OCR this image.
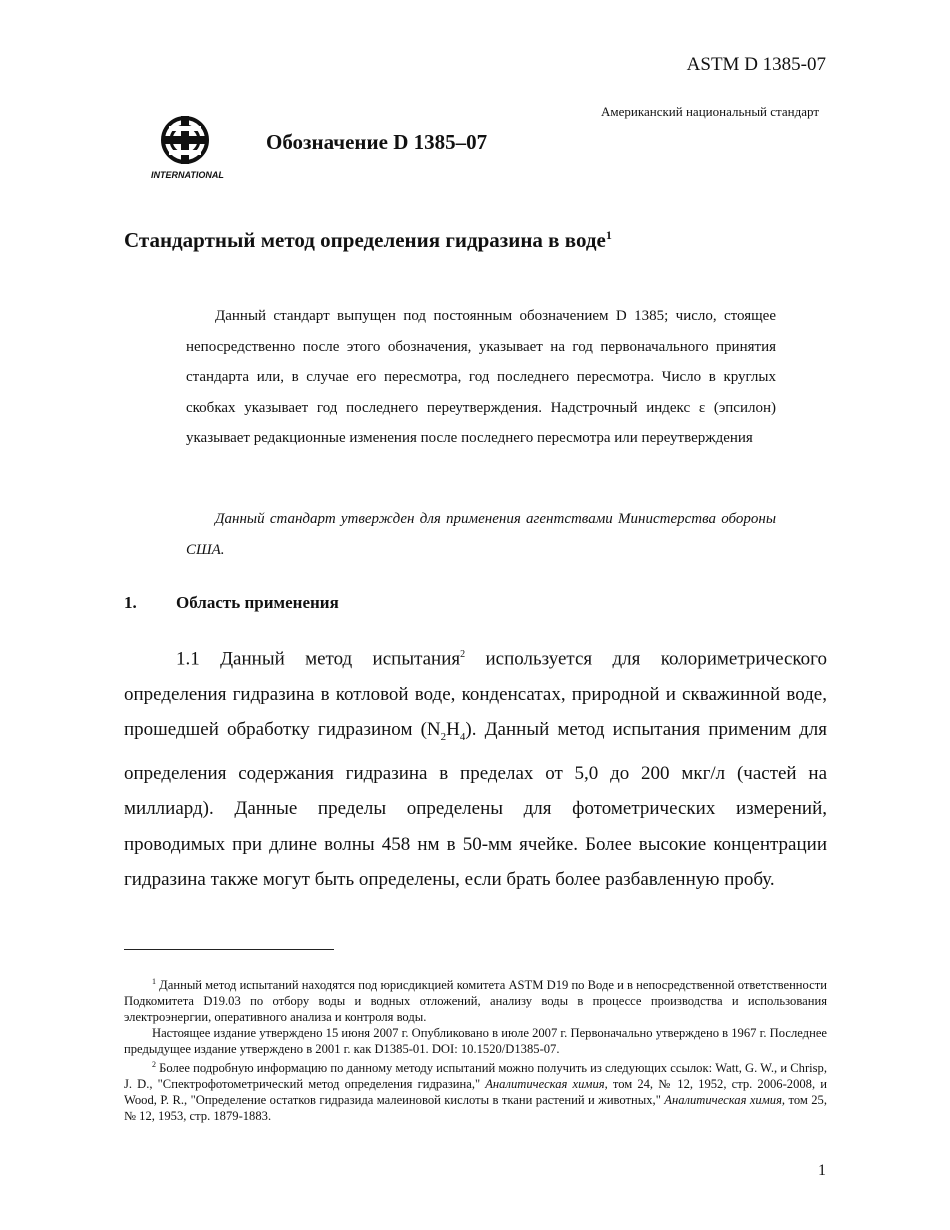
ASTM D 1385-07
Американский национальный стандарт
INTERNATIONAL
Обозначение D 1385–07
Стандартный метод определения гидразина в воде$^1$

Данный стандарт выпущен под постоянным обозначением D 1385; число, стоящее непосредственно после этого обозначения, указывает на год первоначального принятия стандарта или, в случае его пересмотра, год последнего пересмотра. Число в круглых скобках указывает год последнего переутверждения. Надстрочный индекс ε (эпсилон) указывает редакционные изменения после последнего пересмотра или переутверждения

Данный стандарт утвержден для применения агентствами Министерства обороны США.

1. Область применения

1.1 Данный метод испытания$^2$ используется для колориметрического определения гидразина в котловой воде, конденсатах, природной и скважинной воде, прошедшей обработку гидразином $(N_2H_4)$. Данный метод испытания применим для определения содержания гидразина в пределах от 5,0 до 200 мкг/л (частей на миллиард). Данные пределы определены для фотометрических измерений, проводимых при длине волны 458 нм в 50-мм ячейке. Более высокие концентрации гидразина также могут быть определены, если брать более разбавленную пробу.

$^1$ Данный метод испытаний находятся под юрисдикцией комитета ASTM D19 по Воде и в непосредственной ответственности Подкомитета D19.03 по отбору воды и водных отложений, анализу воды в процессе производства и использования электроэнергии, оперативного анализа и контроля воды.

Настоящее издание утверждено 15 июня 2007 г. Опубликовано в июле 2007 г. Первоначально утверждено в 1967 г. Последнее предыдущее издание утверждено в 2001 г. как D1385-01. DOI: 10.1520/D1385-07.

$^2$ Более подробную информацию по данному методу испытаний можно получить из следующих ссылок: Watt, G. W., и Chrisp, J. D., "Спектрофотометрический метод определения гидразина," Аналитическая химия, том 24, № 12, 1952, стр. 2006-2008, и Wood, P. R., "Определение остатков гидразида малеиновой кислоты в ткани растений и животных," Аналитическая химия, том 25, № 12, 1953, стр. 1879-1883.

1
